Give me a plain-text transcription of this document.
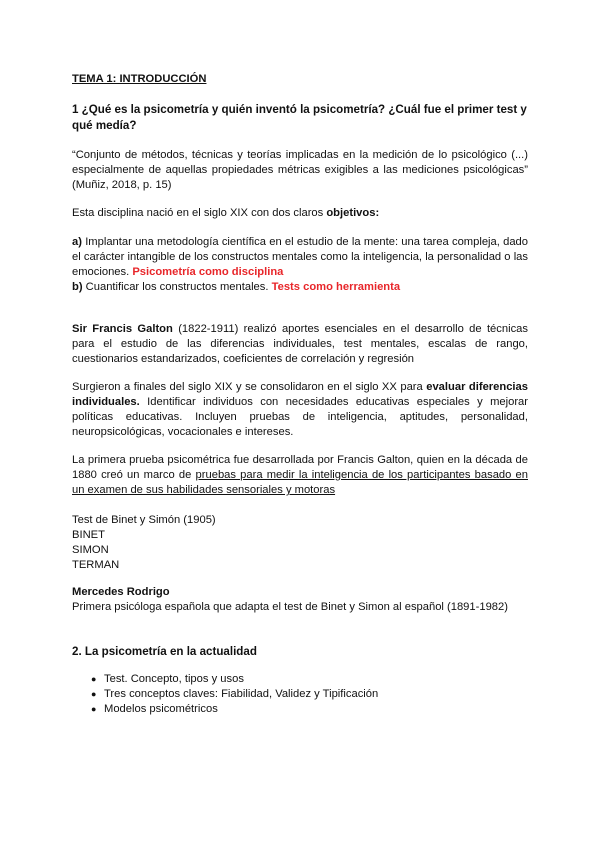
TEMA 1: INTRODUCCIÓN

1 ¿Qué es la psicometría y quién inventó la psicometría? ¿Cuál fue el primer test y qué medía?

“Conjunto de métodos, técnicas y teorías implicadas en la medición de lo psicológico (...) especialmente de aquellas propiedades métricas exigibles a las mediciones psicológicas” (Muñiz, 2018, p. 15)

Esta disciplina nació en el siglo XIX con dos claros objetivos:

a) Implantar una metodología científica en el estudio de la mente: una tarea compleja, dado el carácter intangible de los constructos mentales como la inteligencia, la personalidad o las emociones. Psicometría como disciplina
b) Cuantificar los constructos mentales. Tests como herramienta

Sir Francis Galton (1822-1911) realizó aportes esenciales en el desarrollo de técnicas para el estudio de las diferencias individuales, test mentales, escalas de rango, cuestionarios estandarizados, coeficientes de correlación y regresión

Surgieron a finales del siglo XIX y se consolidaron en el siglo XX para evaluar diferencias individuales. Identificar individuos con necesidades educativas especiales y mejorar políticas educativas. Incluyen pruebas de inteligencia, aptitudes, personalidad, neuropsicológicas, vocacionales e intereses.

La primera prueba psicométrica fue desarrollada por Francis Galton, quien en la década de 1880 creó un marco de pruebas para medir la inteligencia de los participantes basado en un examen de sus habilidades sensoriales y motoras

Test de Binet y Simón (1905)
BINET
SIMON
TERMAN

Mercedes Rodrigo
Primera psicóloga española que adapta el test de Binet y Simon al español (1891-1982)

2. La psicometría en la actualidad

● Test. Concepto, tipos y usos
● Tres conceptos claves: Fiabilidad, Validez y Tipificación
● Modelos psicométricos
